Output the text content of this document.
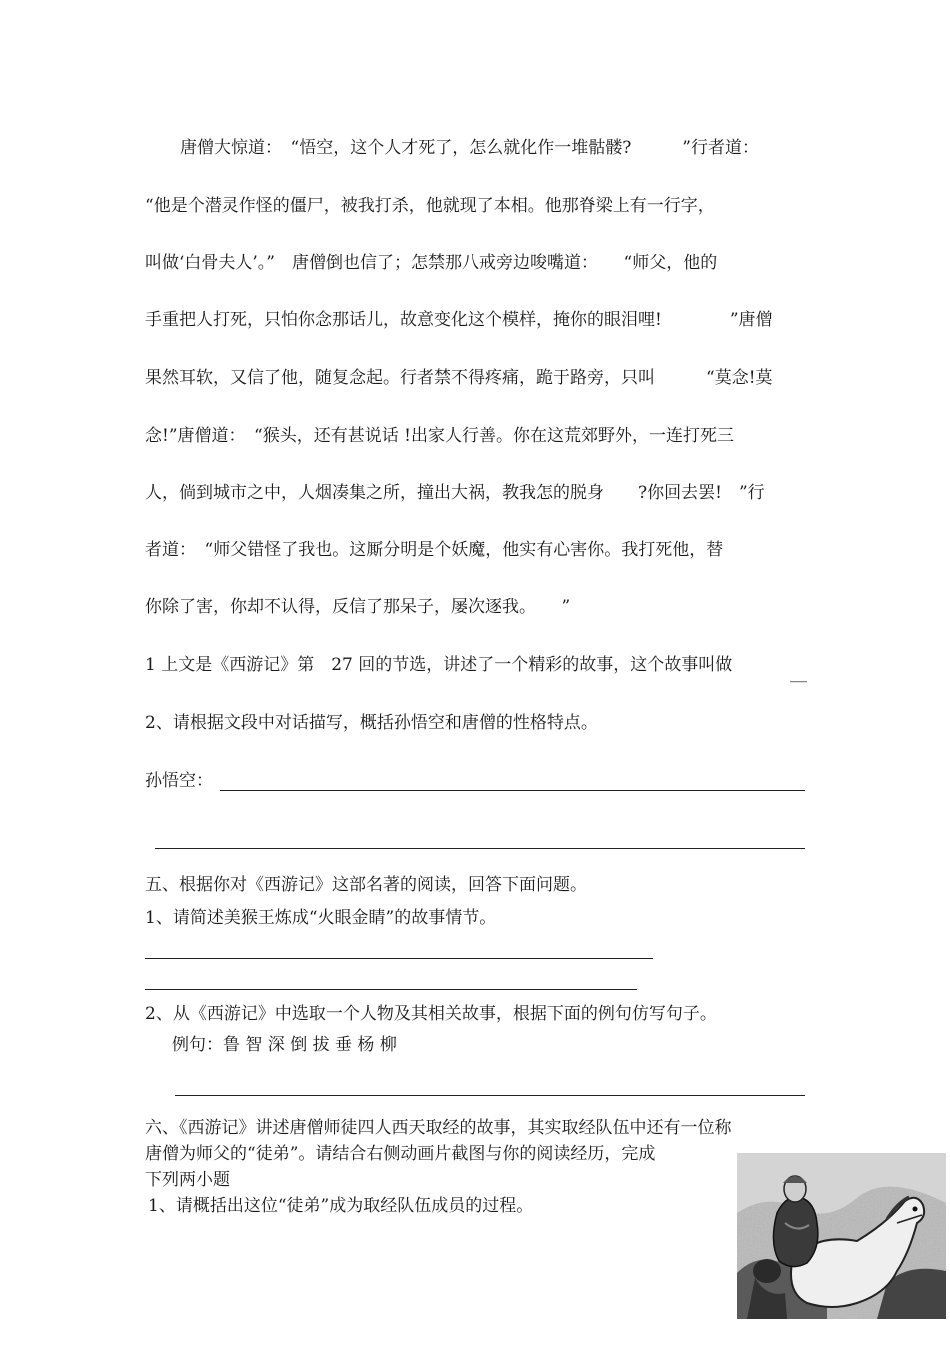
唐僧大惊道：　“悟空，这个人才死了，怎么就化作一堆骷髅?　　　”行者道：
“他是个潜灵作怪的僵尸，被我打杀，他就现了本相。他那脊梁上有一行字，
叫做‘白骨夫人’。”　唐僧倒也信了；怎禁那八戒旁边唆嘴道：　　“师父，他的
手重把人打死，只怕你念那话儿，故意变化这个模样，掩你的眼泪哩!　　　　”唐僧
果然耳软，又信了他，随复念起。行者禁不得疼痛，跪于路旁，只叫　　　“莫念!莫
念!”唐僧道：　“猴头，还有甚说话 !出家人行善。你在这荒郊野外，一连打死三
人，倘到城市之中，人烟凑集之所，撞出大祸，教我怎的脱身　　?你回去罢!　”行
者道：　“师父错怪了我也。这厮分明是个妖魔，他实有心害你。我打死他，替
你除了害，你却不认得，反信了那呆子，屡次逐我。　　”
1 上文是《西游记》第　27 回的节选，讲述了一个精彩的故事，这个故事叫做	__
2、请根据文段中对话描写，概括孙悟空和唐僧的性格特点。
孙悟空：
五、根据你对《西游记》这部名著的阅读，回答下面问题。
1、请简述美猴王炼成“火眼金睛”的故事情节。
2、从《西游记》中选取一个人物及其相关故事，根据下面的例句仿写句子。
例句：鲁 智 深 倒 拔 垂 杨 柳
六、《西游记》讲述唐僧师徒四人西天取经的故事，其实取经队伍中还有一位称
唐僧为师父的“徒弟”。请结合右侧动画片截图与你的阅读经历，完成
下列两小题
1、请概括出这位“徒弟”成为取经队伍成员的过程。
